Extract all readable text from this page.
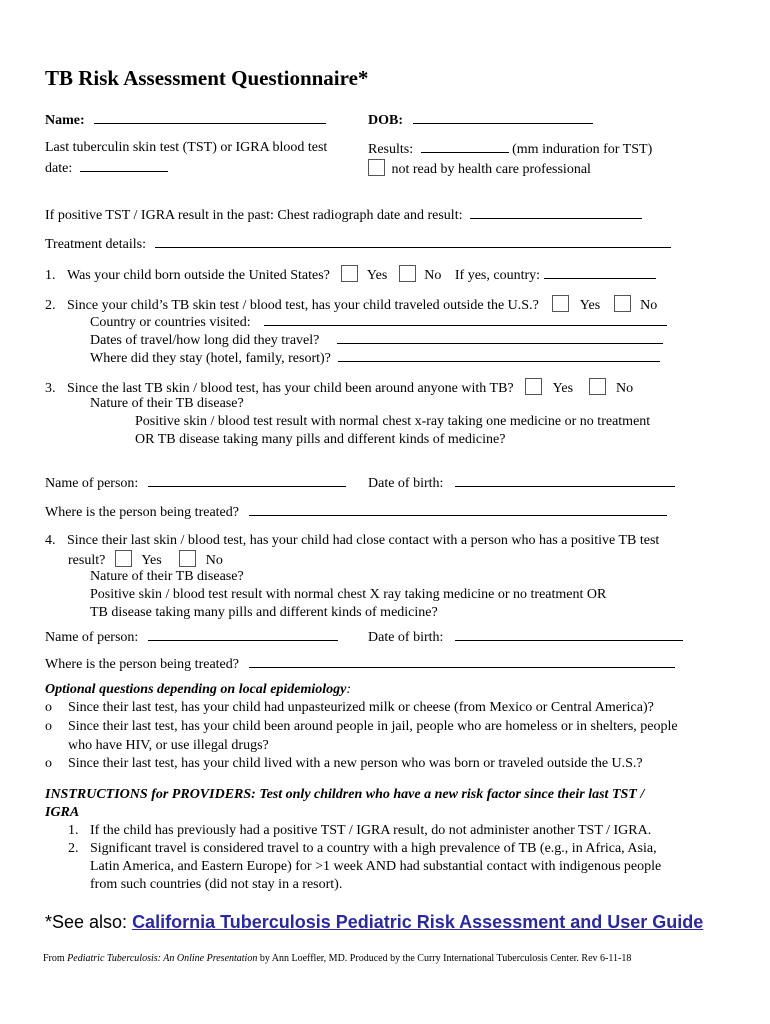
TB Risk Assessment Questionnaire*
Name:	DOB:
Last tuberculin skin test (TST) or IGRA blood test
date:
Results:	(mm induration for TST)
not read by health care professional
If positive TST / IGRA result in the past: Chest radiograph date and result:
Treatment details:
1. Was your child born outside the United States?	Yes	No If yes, country:
2. Since your child’s TB skin test / blood test, has your child traveled outside the U.S.?	Yes	No
Country or countries visited:
Dates of travel/how long did they travel?
Where did they stay (hotel, family, resort)?
3. Since the last TB skin / blood test, has your child been around anyone with TB?	Yes	No
Nature of their TB disease?
Positive skin / blood test result with normal chest x-ray taking one medicine or no treatment
OR TB disease taking many pills and different kinds of medicine?
Name of person:	Date of birth:
Where is the person being treated?
4. Since their last skin / blood test, has your child had close contact with a person who has a positive TB test
result?	Yes	No
Nature of their TB disease?
Positive skin / blood test result with normal chest X ray taking medicine or no treatment OR
TB disease taking many pills and different kinds of medicine?
Name of person:	Date of birth:
Where is the person being treated?
Optional questions depending on local epidemiology:
o Since their last test, has your child had unpasteurized milk or cheese (from Mexico or Central America)?
o Since their last test, has your child been around people in jail, people who are homeless or in shelters, people
who have HIV, or use illegal drugs?
o Since their last test, has your child lived with a new person who was born or traveled outside the U.S.?
INSTRUCTIONS for PROVIDERS: Test only children who have a new risk factor since their last TST /
IGRA
1. If the child has previously had a positive TST / IGRA result, do not administer another TST / IGRA.
2. Significant travel is considered travel to a country with a high prevalence of TB (e.g., in Africa, Asia,
Latin America, and Eastern Europe) for >1 week AND had substantial contact with indigenous people
from such countries (did not stay in a resort).
*See also: California Tuberculosis Pediatric Risk Assessment and User Guide
From Pediatric Tuberculosis: An Online Presentation by Ann Loeffler, MD. Produced by the Curry International Tuberculosis Center. Rev 6-11-18
